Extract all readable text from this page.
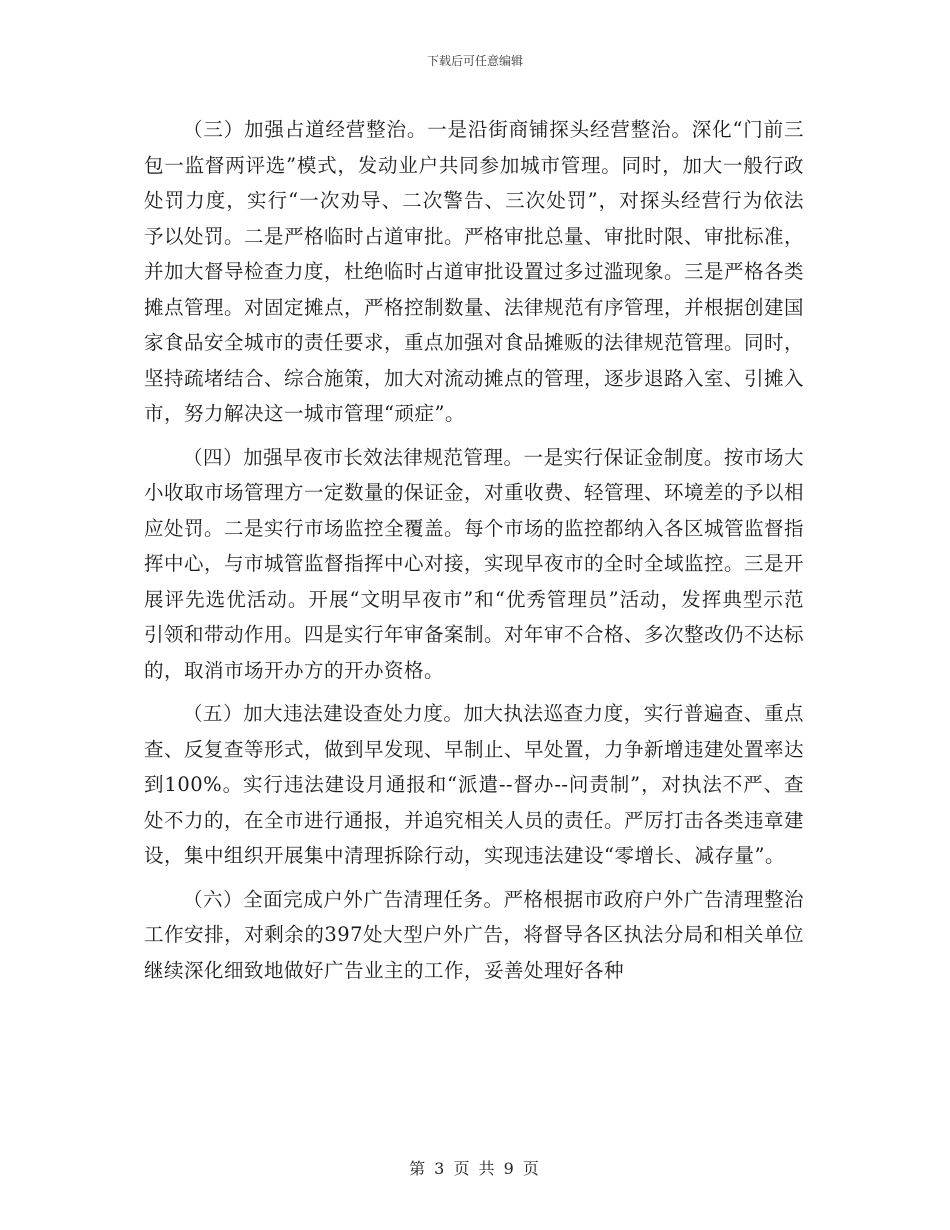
下载后可任意编辑

（三）加强占道经营整治。一是沿街商铺探头经营整治。深化“门前三包一监督两评选”模式，发动业户共同参加城市管理。同时，加大一般行政处罚力度，实行“一次劝导、二次警告、三次处罚”，对探头经营行为依法予以处罚。二是严格临时占道审批。严格审批总量、审批时限、审批标准，并加大督导检查力度，杜绝临时占道审批设置过多过滥现象。三是严格各类摊点管理。对固定摊点，严格控制数量、法律规范有序管理，并根据创建国家食品安全城市的责任要求，重点加强对食品摊贩的法律规范管理。同时，坚持疏堵结合、综合施策，加大对流动摊点的管理，逐步退路入室、引摊入市，努力解决这一城市管理“顽症”。

（四）加强早夜市长效法律规范管理。一是实行保证金制度。按市场大小收取市场管理方一定数量的保证金，对重收费、轻管理、环境差的予以相应处罚。二是实行市场监控全覆盖。每个市场的监控都纳入各区城管监督指挥中心，与市城管监督指挥中心对接，实现早夜市的全时全域监控。三是开展评先选优活动。开展“文明早夜市”和“优秀管理员”活动，发挥典型示范引领和带动作用。四是实行年审备案制。对年审不合格、多次整改仍不达标的，取消市场开办方的开办资格。

（五）加大违法建设查处力度。加大执法巡查力度，实行普遍查、重点查、反复查等形式，做到早发现、早制止、早处置，力争新增违建处置率达到100%。实行违法建设月通报和“派遣--督办--问责制”，对执法不严、查处不力的，在全市进行通报，并追究相关人员的责任。严厉打击各类违章建设，集中组织开展集中清理拆除行动，实现违法建设“零增长、减存量”。

（六）全面完成户外广告清理任务。严格根据市政府户外广告清理整治工作安排，对剩余的397处大型户外广告，将督导各区执法分局和相关单位继续深化细致地做好广告业主的工作，妥善处理好各种

第 3 页 共 9 页
